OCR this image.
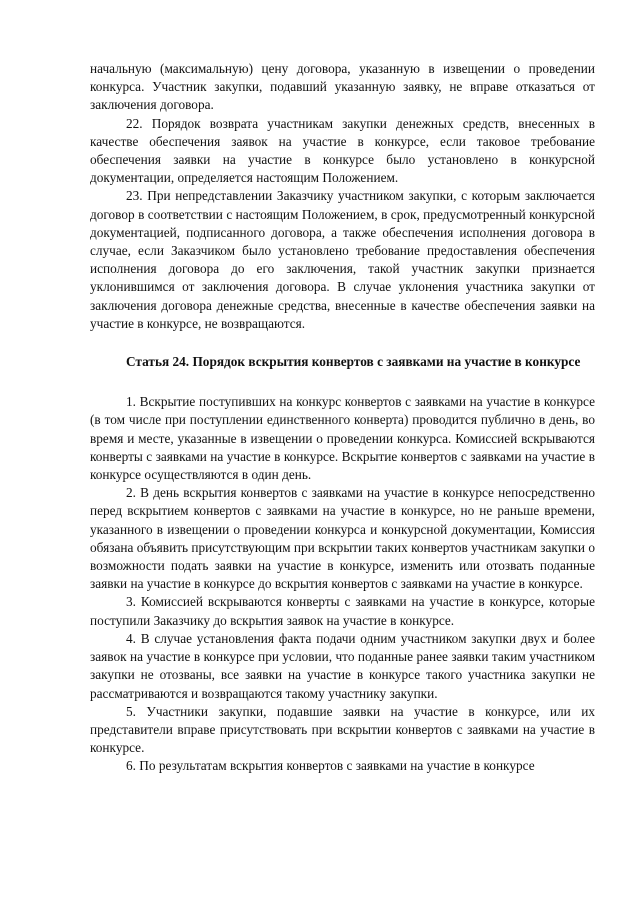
начальную (максимальную) цену договора, указанную в извещении о проведении конкурса. Участник закупки, подавший указанную заявку, не вправе отказаться от заключения договора.

22. Порядок возврата участникам закупки денежных средств, внесенных в качестве обеспечения заявок на участие в конкурсе, если таковое требование обеспечения заявки на участие в конкурсе было установлено в конкурсной документации, определяется настоящим Положением.

23. При непредставлении Заказчику участником закупки, с которым заключается договор в соответствии с настоящим Положением, в срок, предусмотренный конкурсной документацией, подписанного договора, а также обеспечения исполнения договора в случае, если Заказчиком было установлено требование предоставления обеспечения исполнения договора до его заключения, такой участник закупки признается уклонившимся от заключения договора. В случае уклонения участника закупки от заключения договора денежные средства, внесенные в качестве обеспечения заявки на участие в конкурсе, не возвращаются.

Статья 24. Порядок вскрытия конвертов с заявками на участие в конкурсе

1. Вскрытие поступивших на конкурс конвертов с заявками на участие в конкурсе (в том числе при поступлении единственного конверта) проводится публично в день, во время и месте, указанные в извещении о проведении конкурса. Комиссией вскрываются конверты с заявками на участие в конкурсе. Вскрытие конвертов с заявками на участие в конкурсе осуществляются в один день.

2. В день вскрытия конвертов с заявками на участие в конкурсе непосредственно перед вскрытием конвертов с заявками на участие в конкурсе, но не раньше времени, указанного в извещении о проведении конкурса и конкурсной документации, Комиссия обязана объявить присутствующим при вскрытии таких конвертов участникам закупки о возможности подать заявки на участие в конкурсе, изменить или отозвать поданные заявки на участие в конкурсе до вскрытия конвертов с заявками на участие в конкурсе.

3. Комиссией вскрываются конверты с заявками на участие в конкурсе, которые поступили Заказчику до вскрытия заявок на участие в конкурсе.

4. В случае установления факта подачи одним участником закупки двух и более заявок на участие в конкурсе при условии, что поданные ранее заявки таким участником закупки не отозваны, все заявки на участие в конкурсе такого участника закупки не рассматриваются и возвращаются такому участнику закупки.

5. Участники закупки, подавшие заявки на участие в конкурсе, или их представители вправе присутствовать при вскрытии конвертов с заявками на участие в конкурсе.

6. По результатам вскрытия конвертов с заявками на участие в конкурсе
